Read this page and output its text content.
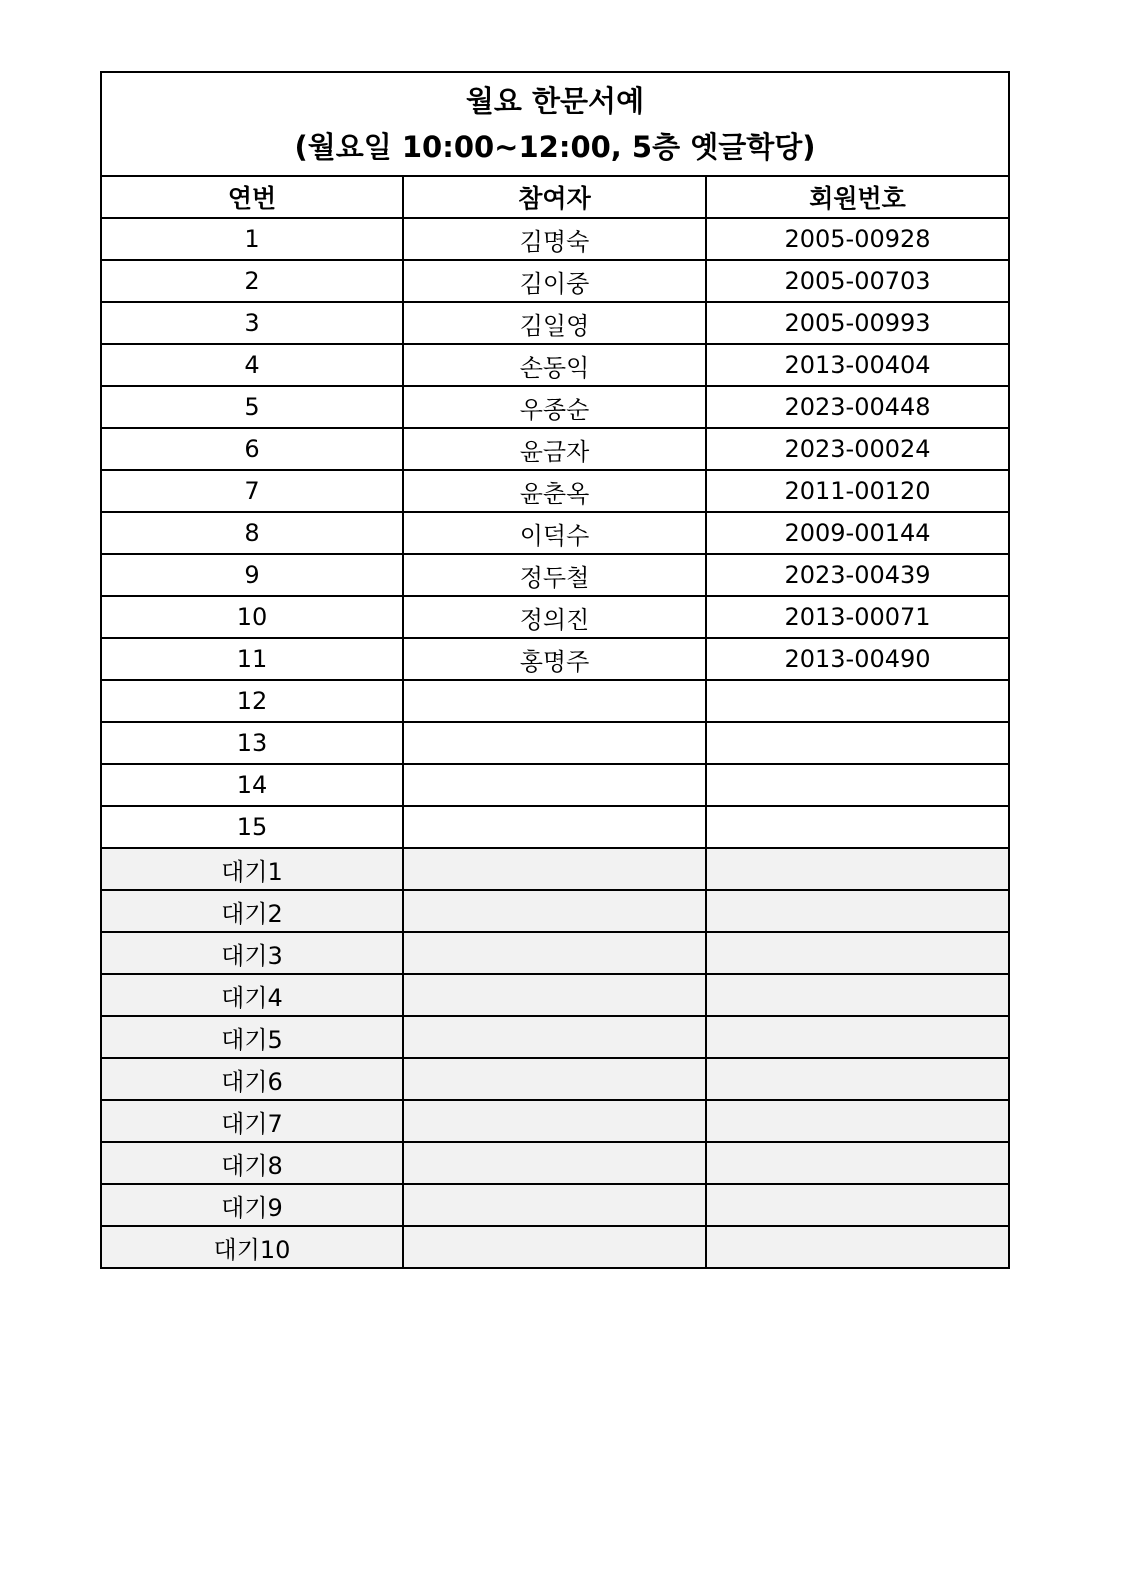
월요 한문서예
(월요일 10:00~12:00, 5층 옛글학당)		

연번	참여자	회원번호
1	김명숙	2005-00928
2	김이중	2005-00703
3	김일영	2005-00993
4	손동익	2013-00404
5	우종순	2023-00448
6	윤금자	2023-00024
7	윤춘옥	2011-00120
8	이덕수	2009-00144
9	정두철	2023-00439
10	정의진	2013-00071
11	홍명주	2013-00490
12		
13		
14		
15		
대기1		
대기2		
대기3		
대기4		
대기5		
대기6		
대기7		
대기8		
대기9		
대기10		
